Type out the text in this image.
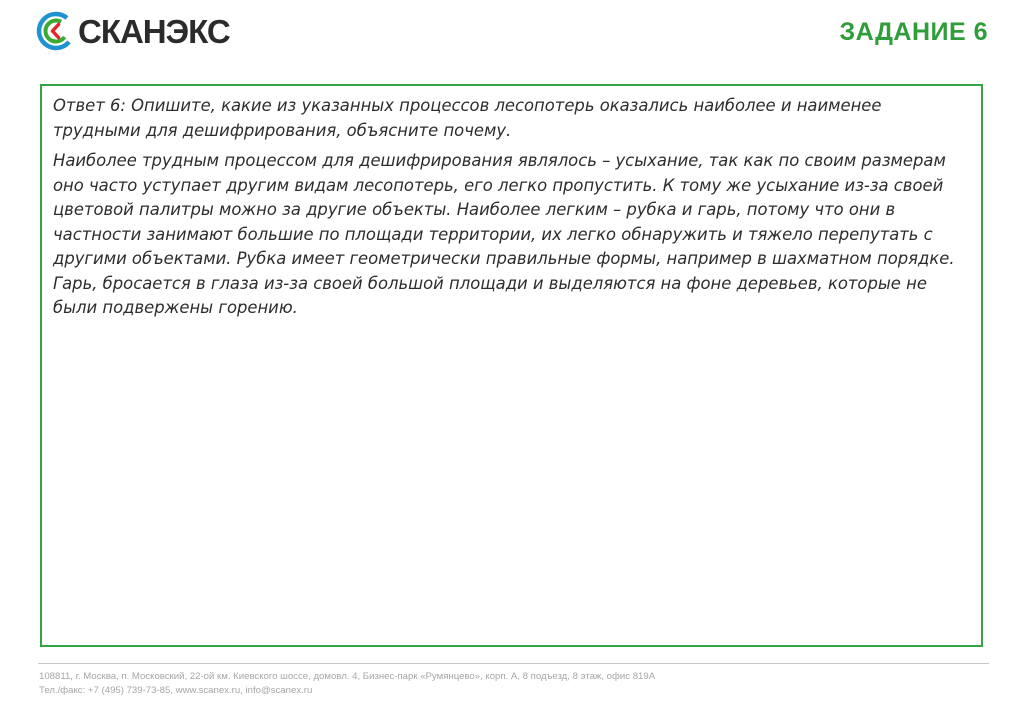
СКАНЭКС	ЗАДАНИЕ 6

Ответ 6: Опишите, какие из указанных процессов лесопотерь оказались наиболее и наименее трудными для дешифрирования, объясните почему.

Наиболее трудным процессом для дешифрирования являлось – усыхание, так как по своим размерам оно часто уступает другим видам лесопотерь, его легко пропустить. К тому же усыхание из-за своей цветовой палитры можно за другие объекты. Наиболее легким – рубка и гарь, потому что они в частности занимают большие по площади территории, их легко обнаружить и тяжело перепутать с другими объектами. Рубка имеет геометрически правильные формы, например в шахматном порядке. Гарь, бросается в глаза из-за своей большой площади и выделяются на фоне деревьев, которые не были подвержены горению.

108811, г. Москва, п. Московский, 22-ой км. Киевского шоссе, домовл. 4, Бизнес-парк «Румянцево», корп. А, 8 подъезд, 8 этаж, офис 819А
Тел./факс: +7 (495) 739-73-85, www.scanex.ru, info@scanex.ru
